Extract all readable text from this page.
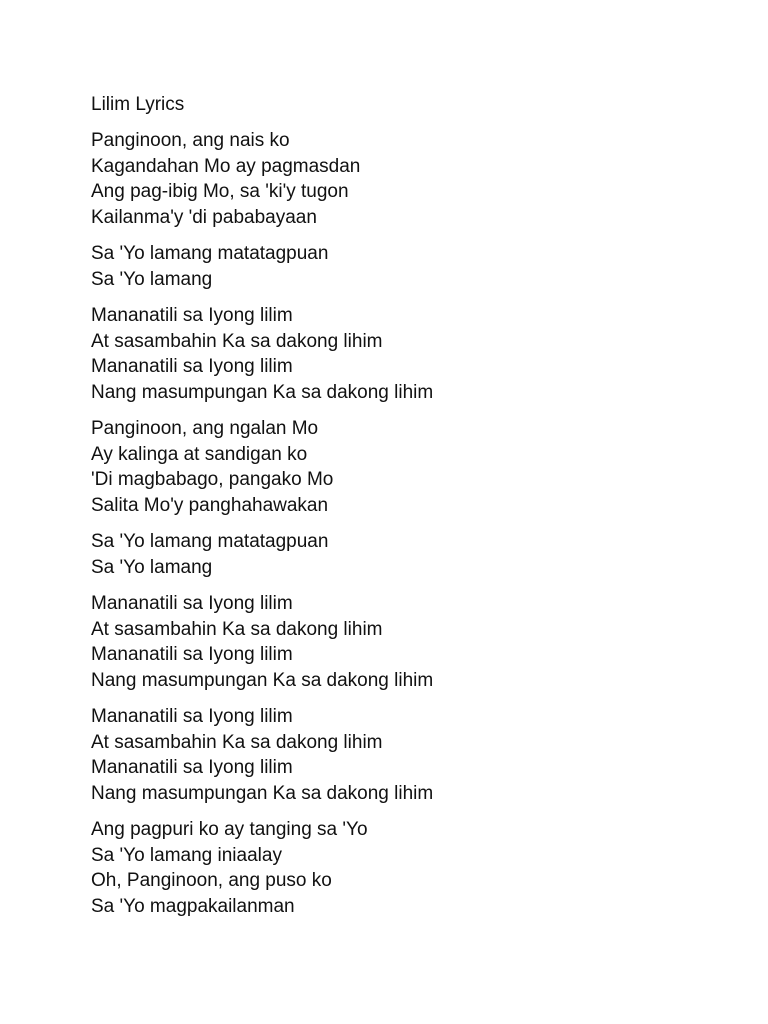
Lilim Lyrics
Panginoon, ang nais ko
Kagandahan Mo ay pagmasdan
Ang pag-ibig Mo, sa 'ki'y tugon
Kailanma'y 'di pababayaan
Sa 'Yo lamang matatagpuan
Sa 'Yo lamang
Mananatili sa Iyong lilim
At sasambahin Ka sa dakong lihim
Mananatili sa Iyong lilim
Nang masumpungan Ka sa dakong lihim
Panginoon, ang ngalan Mo
Ay kalinga at sandigan ko
'Di magbabago, pangako Mo
Salita Mo'y panghahawakan
Sa 'Yo lamang matatagpuan
Sa 'Yo lamang
Mananatili sa Iyong lilim
At sasambahin Ka sa dakong lihim
Mananatili sa Iyong lilim
Nang masumpungan Ka sa dakong lihim
Mananatili sa Iyong lilim
At sasambahin Ka sa dakong lihim
Mananatili sa Iyong lilim
Nang masumpungan Ka sa dakong lihim
Ang pagpuri ko ay tanging sa 'Yo
Sa 'Yo lamang iniaalay
Oh, Panginoon, ang puso ko
Sa 'Yo magpakailanman
